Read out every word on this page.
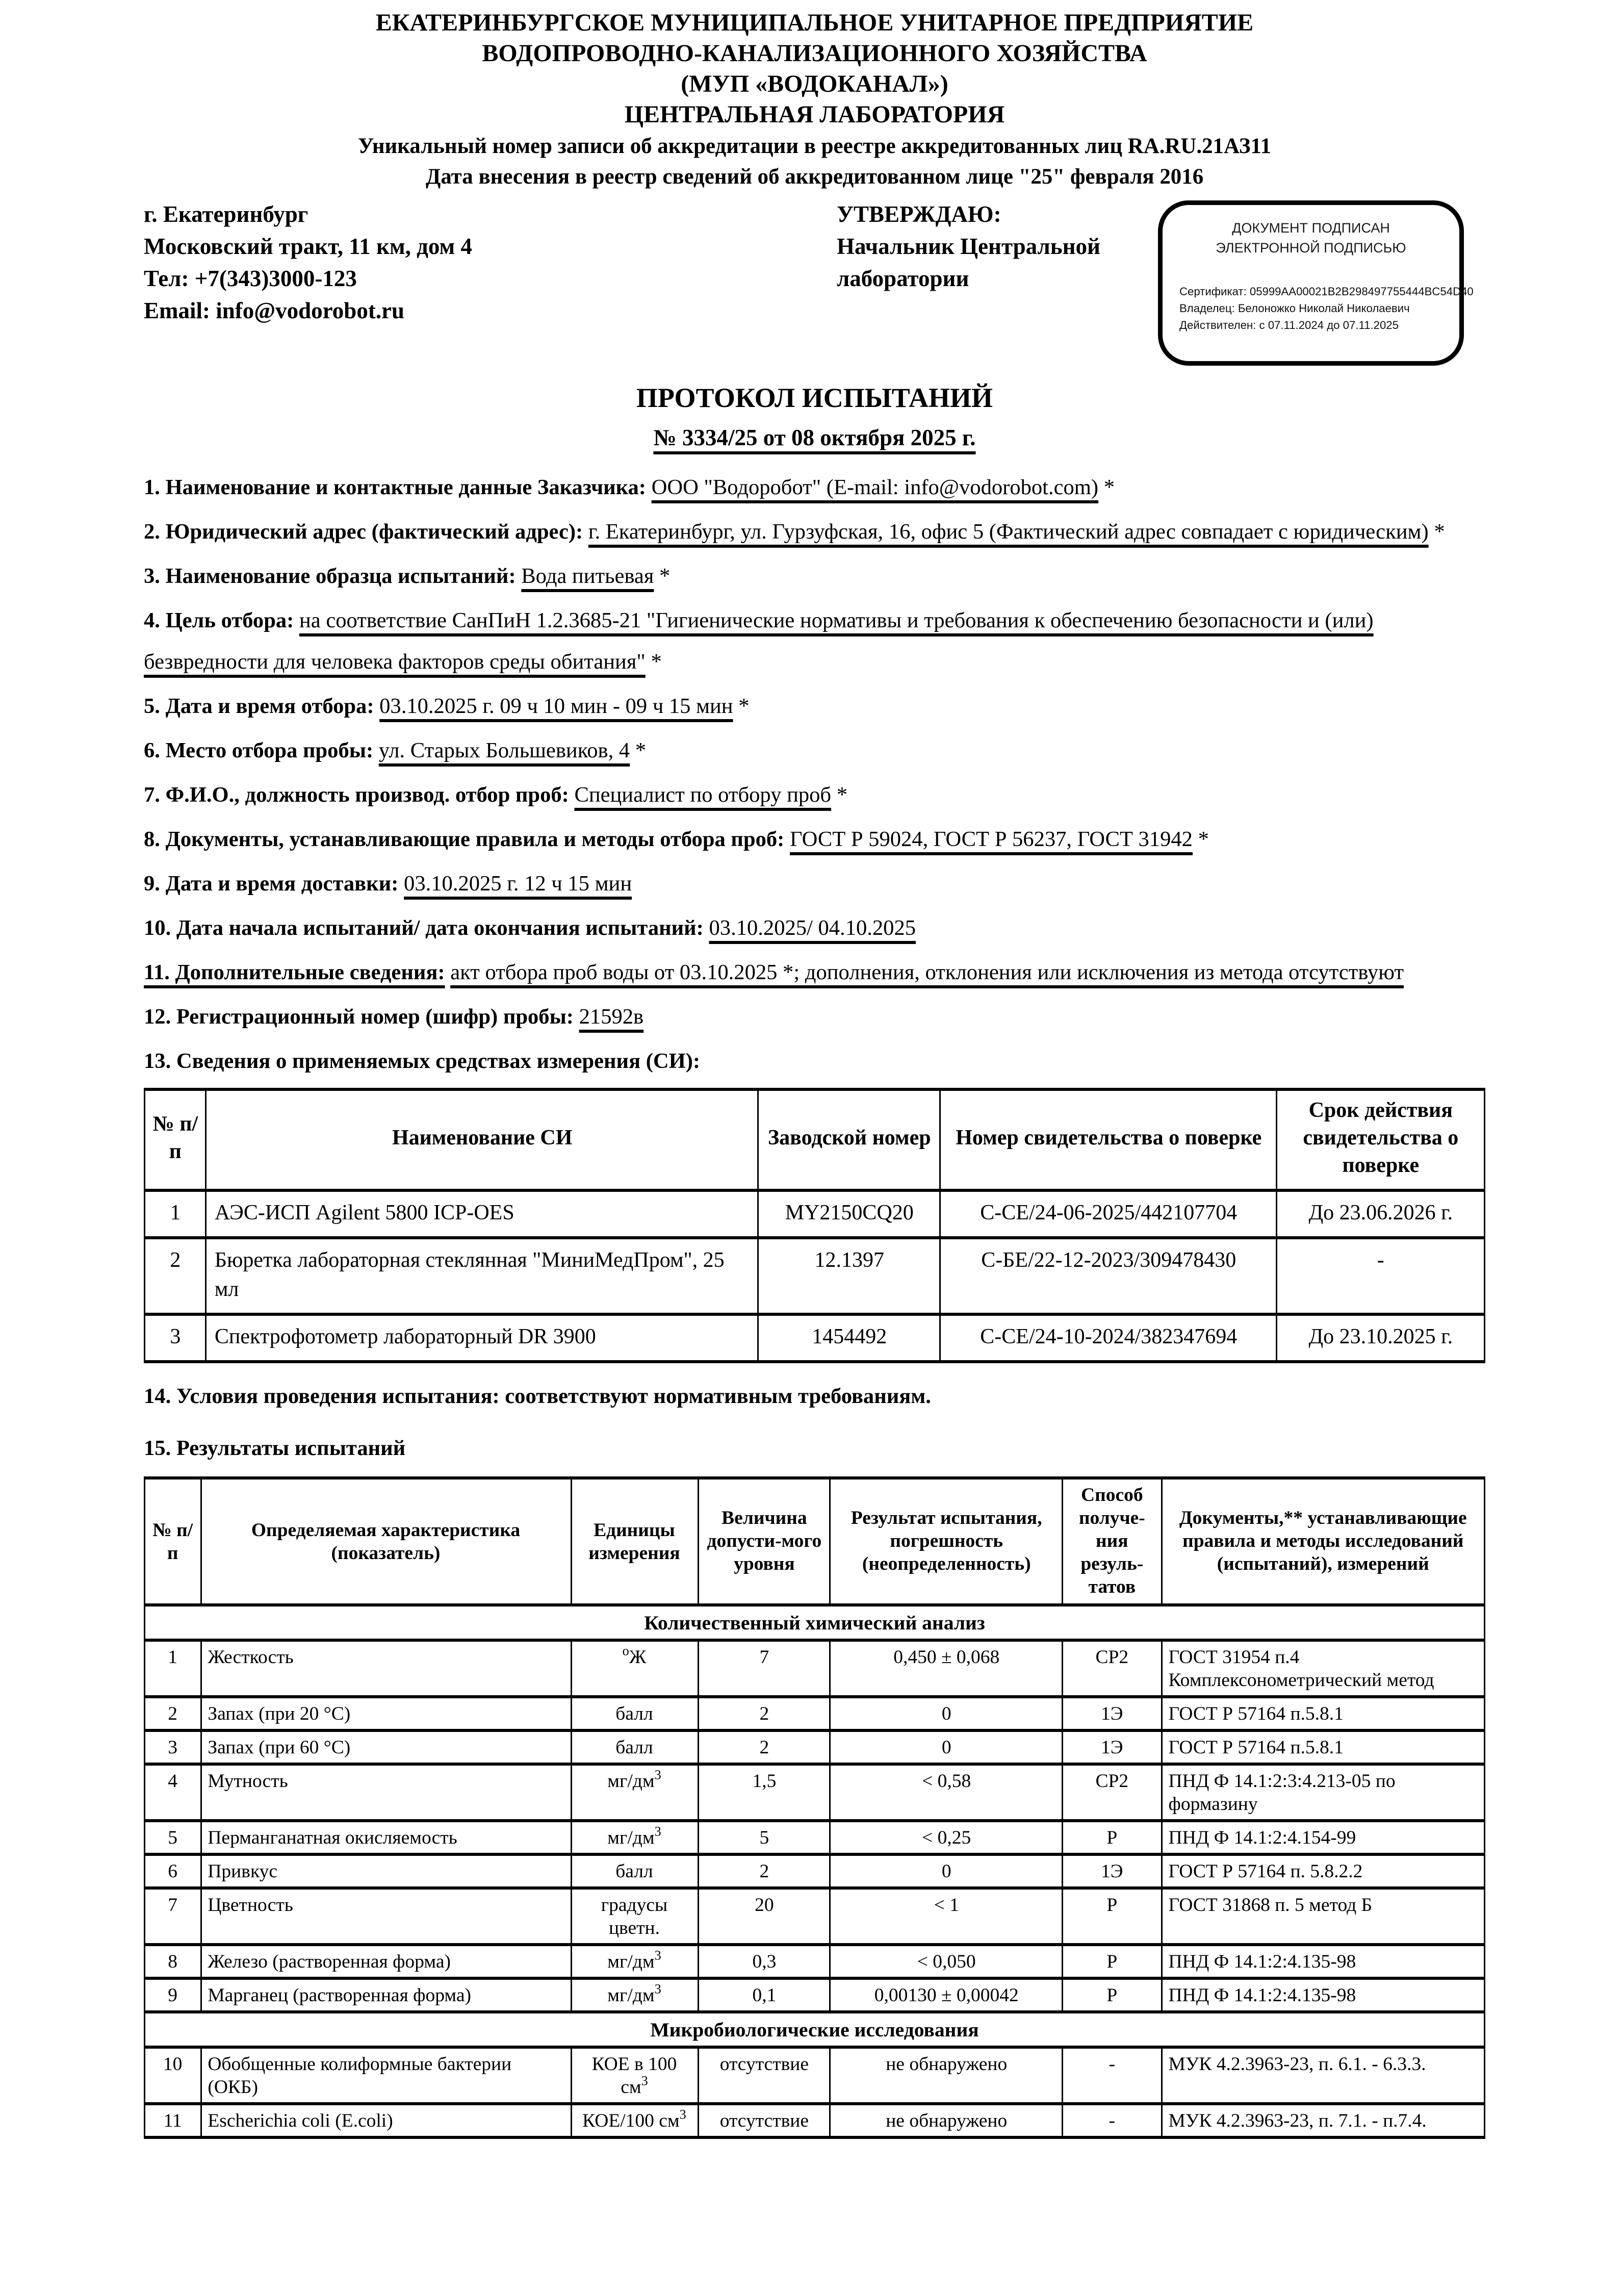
ЕКАТЕРИНБУРГСКОЕ МУНИЦИПАЛЬНОЕ УНИТАРНОЕ ПРЕДПРИЯТИЕ
ВОДОПРОВОДНО-КАНАЛИЗАЦИОННОГО ХОЗЯЙСТВА
(МУП «ВОДОКАНАЛ»)
ЦЕНТРАЛЬНАЯ ЛАБОРАТОРИЯ
Уникальный номер записи об аккредитации в реестре аккредитованных лиц RA.RU.21АЗ11
Дата внесения в реестр сведений об аккредитованном лице "25" февраля 2016
г. Екатеринбург
Московский тракт, 11 км, дом 4
Тел: +7(343)3000-123
Email: info@vodorobot.ru
УТВЕРЖДАЮ:
Начальник Центральной
лаборатории
ДОКУМЕНТ ПОДПИСАН
ЭЛЕКТРОННОЙ ПОДПИСЬЮ
Сертификат: 05999AA00021B2B298497755444BC54D40
Владелец: Белоножко Николай Николаевич
Действителен: с 07.11.2024 до 07.11.2025
ПРОТОКОЛ ИСПЫТАНИЙ
№ 3334/25 от 08 октября 2025 г.
1. Наименование и контактные данные Заказчика: ООО "Водоробот" (E-mail: info@vodorobot.com) *
2. Юридический адрес (фактический адрес): г. Екатеринбург, ул. Гурзуфская, 16, офис 5 (Фактический адрес совпадает с юридическим) *
3. Наименование образца испытаний: Вода питьевая *
4. Цель отбора: на соответствие СанПиН 1.2.3685-21 "Гигиенические нормативы и требования к обеспечению безопасности и (или) безвредности для человека факторов среды обитания" *
5. Дата и время отбора: 03.10.2025 г. 09 ч 10 мин - 09 ч 15 мин *
6. Место отбора пробы: ул. Старых Большевиков, 4 *
7. Ф.И.О., должность производ. отбор проб: Специалист по отбору проб *
8. Документы, устанавливающие правила и методы отбора проб: ГОСТ Р 59024, ГОСТ Р 56237, ГОСТ 31942 *
9. Дата и время доставки: 03.10.2025 г. 12 ч 15 мин
10. Дата начала испытаний/ дата окончания испытаний: 03.10.2025/ 04.10.2025
11. Дополнительные сведения: акт отбора проб воды от 03.10.2025 *; дополнения, отклонения или исключения из метода отсутствуют
12. Регистрационный номер (шифр) пробы: 21592в
13. Сведения о применяемых средствах измерения (СИ):
№ п/п	Наименование СИ	Заводской номер	Номер свидетельства о поверке	Срок действия свидетельства о поверке
1	АЭС-ИСП Agilent 5800 ICP-OES	MY2150CQ20	С-СЕ/24-06-2025/442107704	До 23.06.2026 г.
2	Бюретка лабораторная стеклянная "МиниМедПром", 25 мл	12.1397	С-БЕ/22-12-2023/309478430	-
3	Спектрофотометр лабораторный DR 3900	1454492	С-СЕ/24-10-2024/382347694	До 23.10.2025 г.
14. Условия проведения испытания: соответствуют нормативным требованиям.
15. Результаты испытаний
№ п/п	Определяемая характеристика (показатель)	Единицы измерения	Величина допусти-мого уровня	Результат испытания, погрешность (неопределенность)	Способ получе-ния резуль-татов	Документы,** устанавливающие правила и методы исследований (испытаний), измерений
Количественный химический анализ						
1	Жесткость	$^о$Ж	7	0,450 ± 0,068	СР2	ГОСТ 31954 п.4 Комплексонометрический метод
2	Запах (при 20 °С)	балл	2	0	1Э	ГОСТ Р 57164 п.5.8.1
3	Запах (при 60 °С)	балл	2	0	1Э	ГОСТ Р 57164 п.5.8.1
4	Мутность	$мг/дм^3$	1,5	< 0,58	СР2	ПНД Ф 14.1:2:3:4.213-05 по формазину
5	Перманганатная окисляемость	$мг/дм^3$	5	< 0,25	Р	ПНД Ф 14.1:2:4.154-99
6	Привкус	балл	2	0	1Э	ГОСТ Р 57164 п. 5.8.2.2
7	Цветность	градусы цветн.	20	< 1	Р	ГОСТ 31868 п. 5 метод Б
8	Железо (растворенная форма)	$мг/дм^3$	0,3	< 0,050	Р	ПНД Ф 14.1:2:4.135-98
9	Марганец (растворенная форма)	$мг/дм^3$	0,1	0,00130 ± 0,00042	Р	ПНД Ф 14.1:2:4.135-98
Микробиологические исследования						
10	Обобщенные колиформные бактерии (ОКБ)	КОЕ в 100 $см^3$	отсутствие	не обнаружено	-	МУК 4.2.3963-23, п. 6.1. - 6.3.3.
11	Escherichia coli (E.coli)	КОЕ/100 $см^3$	отсутствие	не обнаружено	-	МУК 4.2.3963-23, п. 7.1. - п.7.4.
